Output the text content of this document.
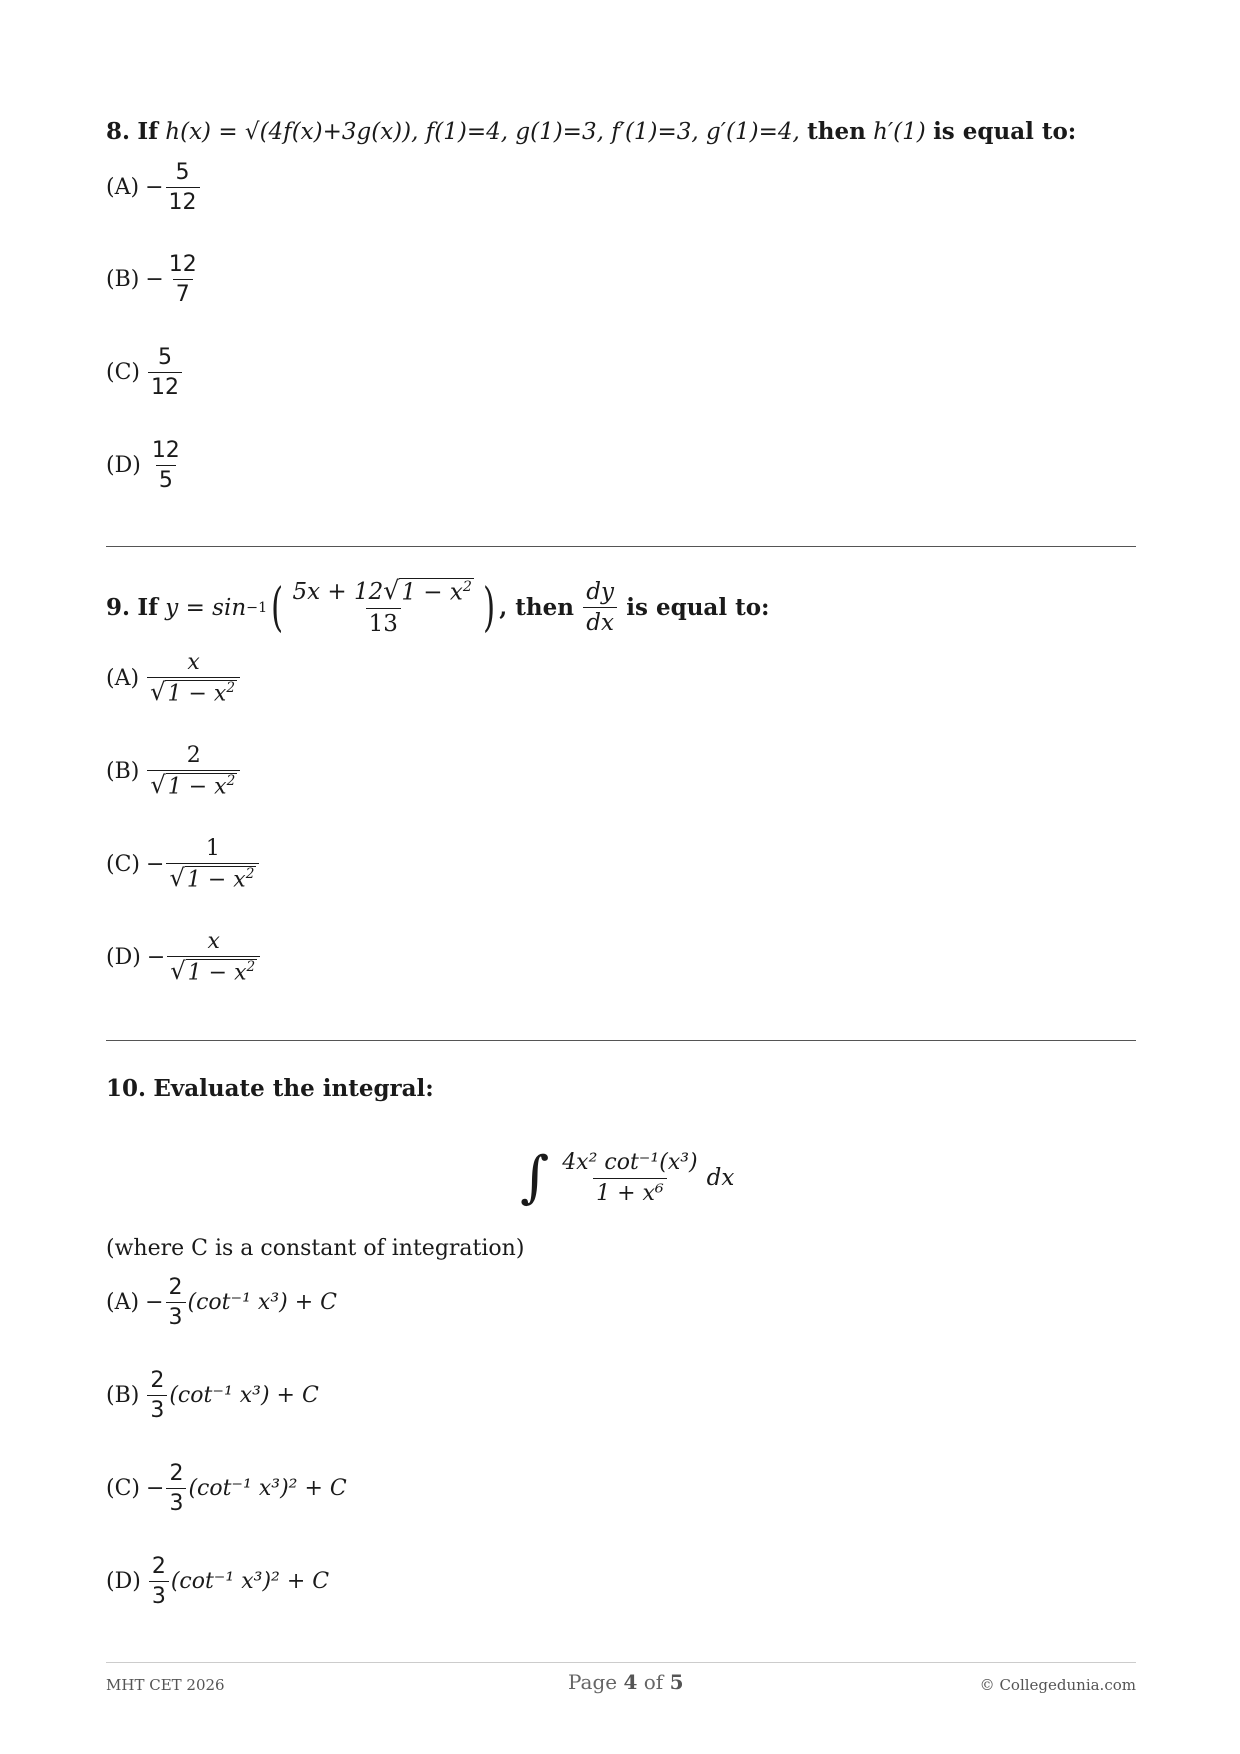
8.
If
h(x) = √(4f(x)+3g(x)), f(1)=4, g(1)=3, f′(1)=3, g′(1)=4,
then
h′(1)
is equal to:
$(A) - \frac{5}{12}$
$(B) - \frac{12}{7}$
$(C) \frac{5}{12}$
$(D) \frac{12}{5}$
9.
If
y = sin −1 ( $\frac{5x + 12 √ 1 - x^2}{13}$ ) , then
$\frac{dy}{dx}$
is equal to:
$(A) \frac{x}{√ 1 - x^2}$
$(B) \frac{2}{√ 1 - x^2}$
$(C) - \frac{1}{√ 1 - x^2}$
$(D) - \frac{x}{√ 1 - x^2}$
10.
Evaluate the integral:
∫ $\frac{\text{4x² cot⁻¹(x³)}}{\text{1 + x⁶}}$ dx
(where C is a constant of integration)
$(A) - \frac{2}{3} (\cot^{-1}$ x³) + C
$(B) \frac{2}{3} (\cot^{-1}$ x³) + C
$(C) - \frac{2}{3} (\cot^{-1}$ x³)² + C
$(D) \frac{2}{3} (\cot^{-1}$ x³)² + C
MHT CET 2026	Page 4 of 5	© Collegedunia.com
